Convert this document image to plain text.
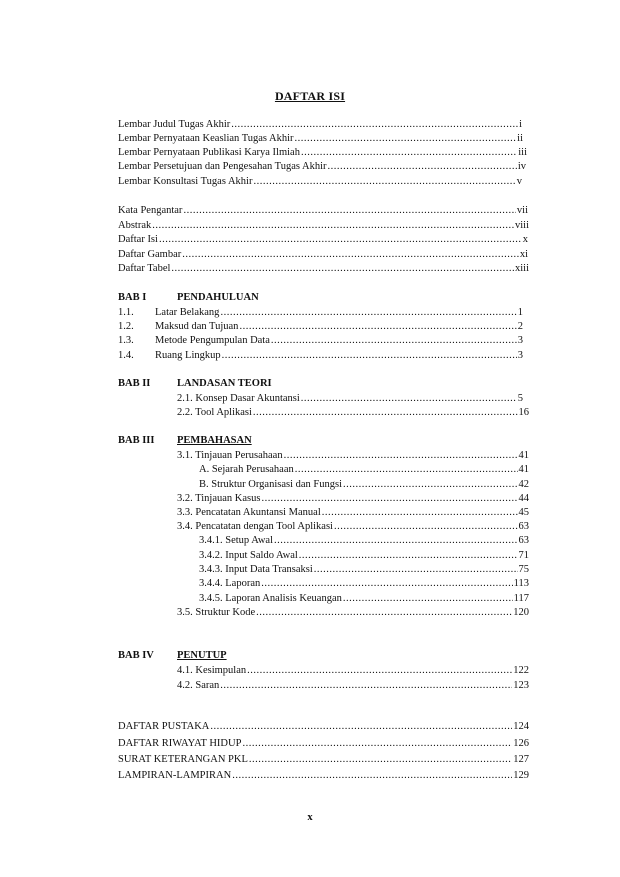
DAFTAR ISI
Lembar Judul Tugas Akhir .....	i
Lembar Pernyataan Keaslian Tugas Akhir .....	ii
Lembar Pernyataan Publikasi Karya Ilmiah .....	iii
Lembar Persetujuan dan Pengesahan Tugas Akhir .....	iv
Lembar Konsultasi Tugas Akhir .....	v
Kata Pengantar .....	vii
Abstrak .....	viii
Daftar Isi .....	x
Daftar Gambar .....	xi
Daftar Tabel .....	xiii
BAB I	PENDAHULUAN
1.1. Latar Belakang .....	1
1.2. Maksud dan Tujuan .....	2
1.3. Metode Pengumpulan Data .....	3
1.4. Ruang Lingkup .....	3
BAB II	LANDASAN TEORI
2.1. Konsep Dasar Akuntansi .....	5
2.2. Tool Aplikasi .....	16
BAB III PEMBAHASAN
3.1. Tinjauan Perusahaan .....	41
A. Sejarah Perusahaan .....	41
B. Struktur Organisasi dan Fungsi .....	42
3.2. Tinjauan Kasus .....	44
3.3. Pencatatan Akuntansi Manual .....	45
3.4. Pencatatan dengan Tool Aplikasi .....	63
3.4.1. Setup Awal .....	63
3.4.2. Input Saldo Awal .....	71
3.4.3. Input Data Transaksi .....	75
3.4.4. Laporan .....	113
3.4.5. Laporan Analisis Keuangan .....	117
3.5. Struktur Kode .....	120
BAB IV PENUTUP
4.1. Kesimpulan .....	122
4.2. Saran .....	123
DAFTAR PUSTAKA .....	124
DAFTAR RIWAYAT HIDUP .....	126
SURAT KETERANGAN PKL .....	127
LAMPIRAN-LAMPIRAN .....	129
x
